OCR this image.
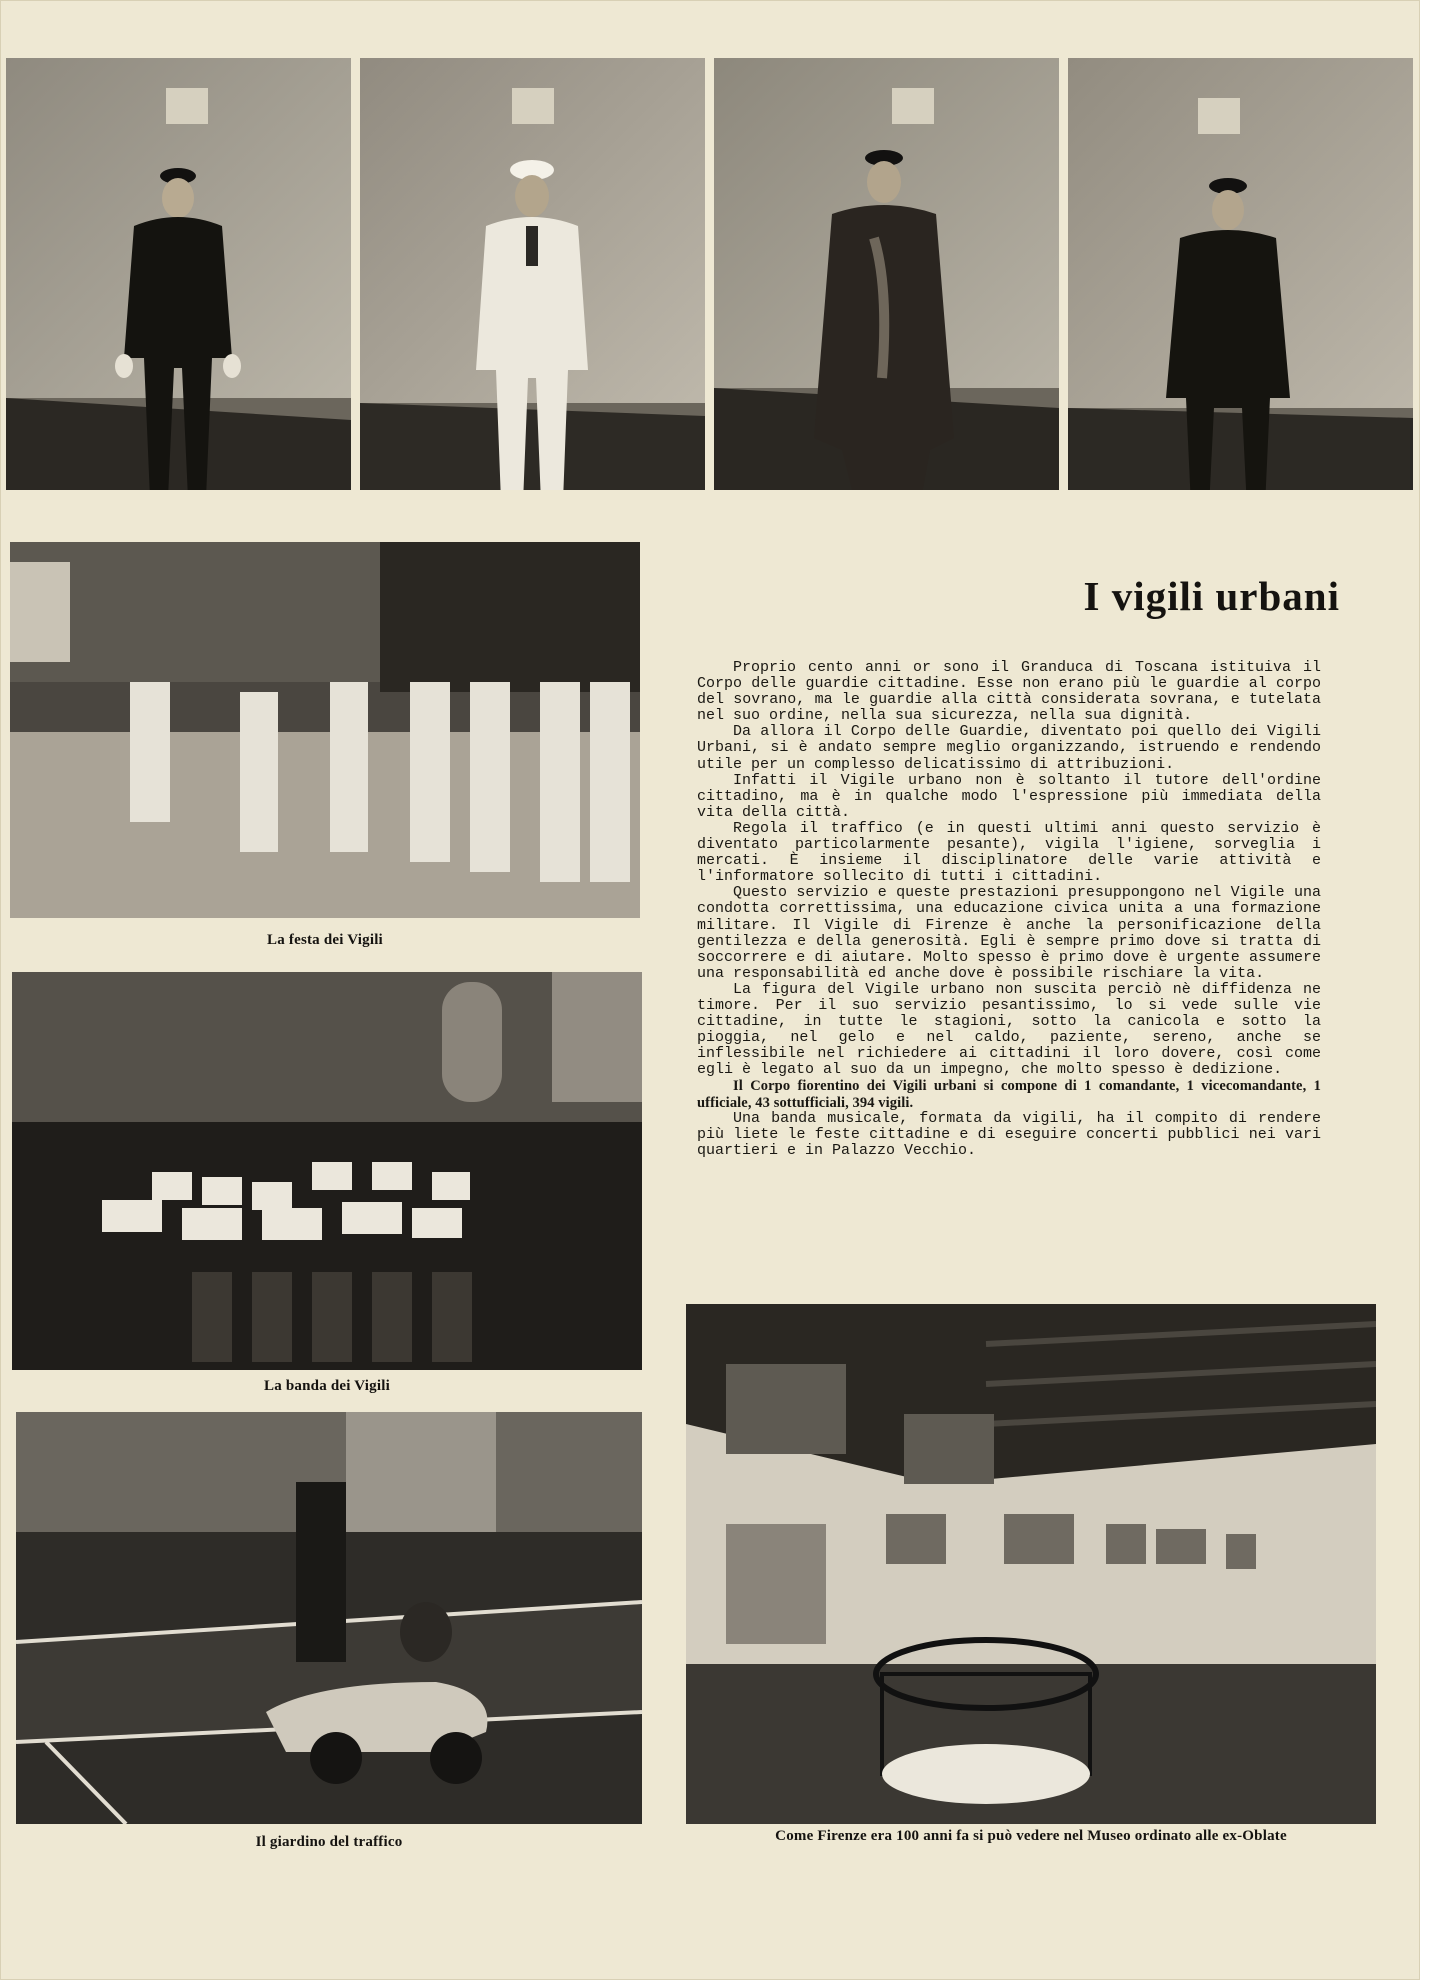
La festa dei Vigili
La banda dei Vigili
Il giardino del traffico
I vigili urbani

Proprio cento anni or sono il Granduca di Toscana istituiva il Corpo delle guardie cittadine. Esse non erano più le guardie al corpo del sovrano, ma le guardie alla città considerata sovrana, e tutelata nel suo ordine, nella sua sicurezza, nella sua dignità.

Da allora il Corpo delle Guardie, diventato poi quello dei Vigili Urbani, si è andato sempre meglio organizzando, istruendo e rendendo utile per un complesso delicatissimo di attribuzioni.

Infatti il Vigile urbano non è soltanto il tutore dell'ordine cittadino, ma è in qualche modo l'espressione più immediata della vita della città.

Regola il traffico (e in questi ultimi anni questo servizio è diventato particolarmente pesante), vigila l'igiene, sorveglia i mercati. È insieme il disciplinatore delle varie attività e l'informatore sollecito di tutti i cittadini.

Questo servizio e queste prestazioni presuppongono nel Vigile una condotta correttissima, una educazione civica unita a una formazione militare. Il Vigile di Firenze è anche la personificazione della gentilezza e della generosità. Egli è sempre primo dove si tratta di soccorrere e di aiutare. Molto spesso è primo dove è urgente assumere una responsabilità ed anche dove è possibile rischiare la vita.

La figura del Vigile urbano non suscita perciò nè diffidenza ne timore. Per il suo servizio pesantissimo, lo si vede sulle vie cittadine, in tutte le stagioni, sotto la canicola e sotto la pioggia, nel gelo e nel caldo, paziente, sereno, anche se inflessibile nel richiedere ai cittadini il loro dovere, così come egli è legato al suo da un impegno, che molto spesso è dedizione.

Il Corpo fiorentino dei Vigili urbani si compone di 1 comandante, 1 vicecomandante, 1 ufficiale, 43 sottufficiali, 394 vigili.

Una banda musicale, formata da vigili, ha il compito di rendere più liete le feste cittadine e di eseguire concerti pubblici nei vari quartieri e in Palazzo Vecchio.

Come Firenze era 100 anni fa si può vedere nel Museo ordinato alle ex-Oblate
